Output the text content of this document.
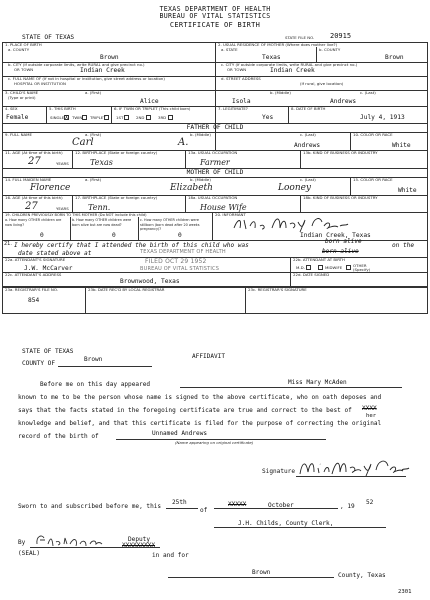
TEXAS DEPARTMENT OF HEALTH
BUREAU OF VITAL STATISTICS
CERTIFICATE OF BIRTH
STATE OF TEXAS	STATE FILE NO. 20915
1. PLACE OF BIRTH
a. COUNTY
Brown
b. CITY (If outside corporate limits, write RURAL and give precinct no.)
OR TOWN	Indian Creek
c. FULL NAME OF (If not in hospital or institution, give street address or location)
HOSPITAL OR INSTITUTION
2. USUAL RESIDENCE OF MOTHER (Where does mother live?)
a. STATE
Texas
b. COUNTY
Brown
c. CITY (If outside corporate limits, write RURAL and give precinct no.)
OR TOWN	Indian Creek
d. STREET ADDRESS
(If rural, give location)
3. CHILD'S NAME
(Type or print)
a. (First)	b. (Middle)	c. (Last)
Alice	Isola	Andrews
4. SEX
Female
5. THIS BIRTH
SINGLE X TWIN TRIPLET
6. IF TWIN OR TRIPLET (This child born)
1ST	2ND	3RD
7. LEGITIMATE?
Yes
8. DATE OF BIRTH
July 4, 1913
FATHER OF CHILD
9. FULL NAME	a. (First)	b. (Middle)	c. (Last)
Carl	A.	Andrews
10. COLOR OR RACE
White
11. AGE (At time of this birth)
27	YEARS
12. BIRTHPLACE (State or foreign country)
Texas
13a. USUAL OCCUPATION
Farmer
13b. KIND OF BUSINESS OR INDUSTRY
MOTHER OF CHILD
14. FULL MAIDEN NAME	a. (First)	b. (Middle)	c. (Last)
Florence	Elizabeth	Looney
15. COLOR OR RACE
White
16. AGE (At time of this birth)
27	YEARS
17. BIRTHPLACE (State or foreign country)
Tenn.
18a. USUAL OCCUPATION
House Wife
18b. KIND OF BUSINESS OR INDUSTRY
19. CHILDREN PREVIOUSLY BORN TO THIS MOTHER (Do NOT include this child)
a. How many OTHER children are now living?
b. How many OTHER children were born alive but are now dead?
c. How many OTHER children were stillborn (born dead after 20 weeks pregnancy)?
0	0	0
20. INFORMANT
Indian Creek, Texas
21. I hereby certify that I attended the birth of this child who was
born alive
on the
date stated above at	born alive
TEXAS DEPARTMENT OF HEALTH
FILED OCT 29 1952
BUREAU OF VITAL STATISTICS
22a. ATTENDANT'S SIGNATURE
J.W. McCarver
22b. ATTENDANT AT BIRTH
M.D.	MIDWIFE	OTHER
(Specify)
22c. ATTENDANT'S ADDRESS
Brownwood, Texas
22d. DATE SIGNED
23a. REGISTRAR'S FILE NO.
854
23b. DATE REC'D BY LOCAL REGISTRAR	23c. REGISTRAR'S SIGNATURE
STATE OF TEXAS
AFFIDAVIT
COUNTY OF
Brown
Before me on this day appeared	Miss Mary McAden
known to me to be the person whose name is signed to the above certificate, who on oath deposes and
says that the facts stated in the foregoing certificate are true and correct to the best of XXXX
her
knowledge and belief, and that this certificate is filed for the purpose of correcting the original
record of the birth of	Unnamed Andrews
(Name appearing on original certificate)
Signature
Sworn to and subscribed before me, this
25th
of
XXXXX	October	, 19
52
J.H. Childs, County Clerk,
By	Deputy
XXXXXXXXX
(SEAL)	in and for
Brown	County, Texas
2301
